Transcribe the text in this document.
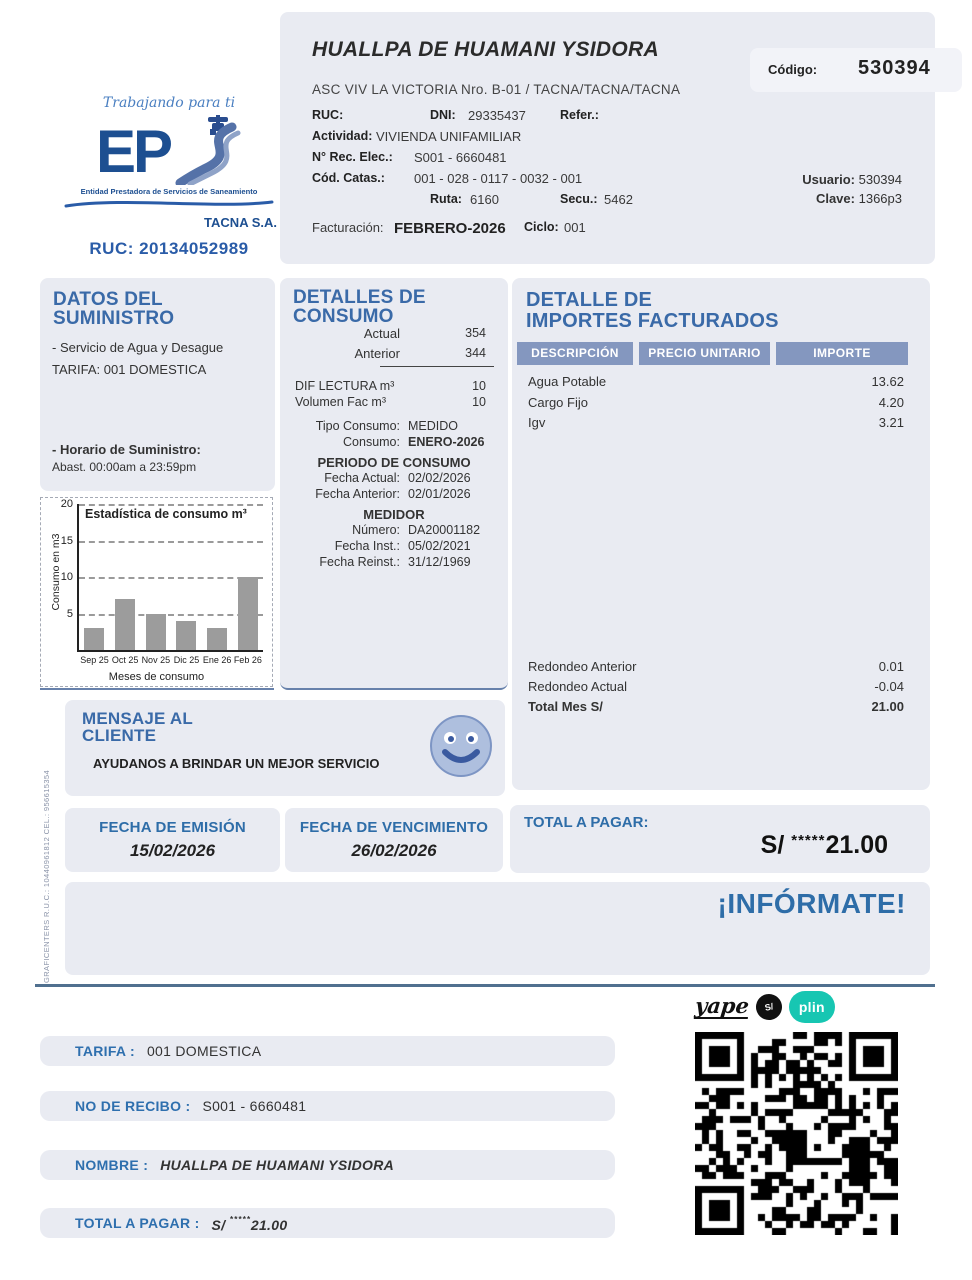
Trabajando para ti
EP
Entidad Prestadora de Servicios de Saneamiento
TACNA S.A.
RUC: 20134052989
HUALLPA DE HUAMANI YSIDORA
ASC VIV LA VICTORIA Nro. B-01 / TACNA/TACNA/TACNA
RUC:	DNI: 29335437	Refer.:
Actividad: VIVIENDA UNIFAMILIAR
N° Rec. Elec.: S001 - 6660481
Cód. Catas.: 001 - 028 - 0117 - 0032 - 001
Ruta: 6160	Secu.: 5462
Facturación: FEBRERO-2026 Ciclo: 001
Código: 530394
Usuario: 530394
Clave: 1366p3
DATOS DEL
SUMINISTRO
- Servicio de Agua y Desague
TARIFA: 001 DOMESTICA
- Horario de Suministro:
Abast. 00:00am a 23:59pm
Estadística de consumo m³
5
10
15
20
Sep 25 Oct 25 Nov 25 Dic 25 Ene 26 Feb 26
Consumo en m3
Meses de consumo
DETALLES DE
CONSUMO
Actual	354
Anterior	344
DIF LECTURA m³	10
Volumen Fac m³	10
Tipo Consumo: MEDIDO
Consumo: ENERO-2026
PERIODO DE CONSUMO
Fecha Actual: 02/02/2026
Fecha Anterior: 02/01/2026
MEDIDOR
Número: DA20001182
Fecha Inst.: 05/02/2021
Fecha Reinst.: 31/12/1969
DETALLE DE
IMPORTES FACTURADOS
DESCRIPCIÓN	PRECIO UNITARIO	IMPORTE
Agua Potable	13.62
Cargo Fijo	4.20
Igv	3.21
Redondeo Anterior	0.01
Redondeo Actual	-0.04
Total Mes S/	21.00
MENSAJE AL
CLIENTE
AYUDANOS A BRINDAR UN MEJOR SERVICIO
FECHA DE EMISIÓN
15/02/2026
FECHA DE VENCIMIENTO
26/02/2026
TOTAL A PAGAR:
S/ *****21.00
¡INFÓRMATE!
GRAFICENTERS R.U.C.: 10440961812 CEL.: 956615354
yape	S/	plin
TARIFA : 001 DOMESTICA
NO DE RECIBO : S001 - 6660481
NOMBRE : HUALLPA DE HUAMANI YSIDORA
TOTAL A PAGAR : S/ *****21.00
